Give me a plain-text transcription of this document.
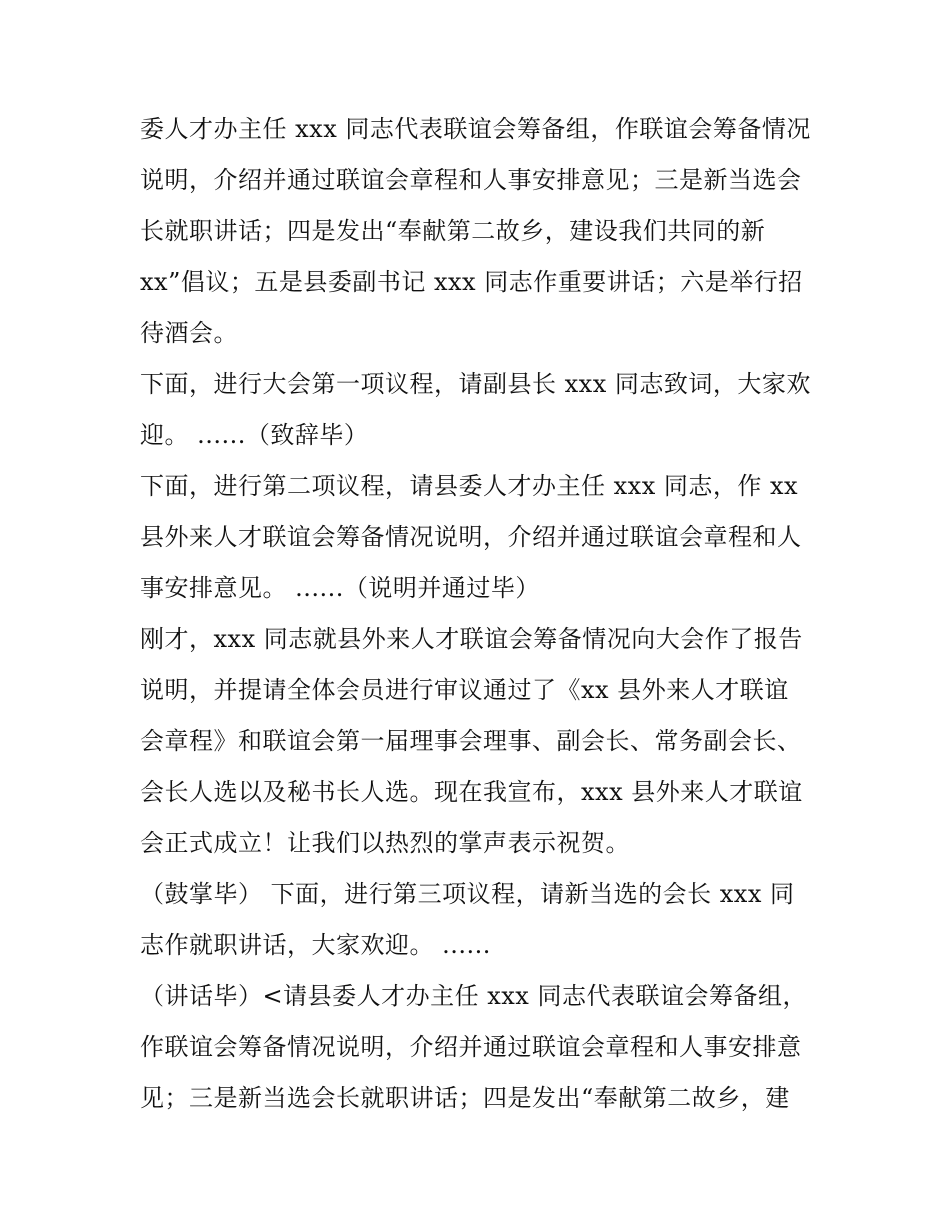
委人才办主任 xxx 同志代表联谊会筹备组，作联谊会筹备情况
说明，介绍并通过联谊会章程和人事安排意见；三是新当选会
长就职讲话；四是发出“奉献第二故乡，建设我们共同的新
xx”倡议；五是县委副书记 xxx 同志作重要讲话；六是举行招
待酒会。
下面，进行大会第一项议程，请副县长 xxx 同志致词，大家欢
迎。 ......（致辞毕）
下面，进行第二项议程，请县委人才办主任 xxx 同志，作 xx
县外来人才联谊会筹备情况说明，介绍并通过联谊会章程和人
事安排意见。 ......（说明并通过毕）
刚才，xxx 同志就县外来人才联谊会筹备情况向大会作了报告
说明，并提请全体会员进行审议通过了《xx 县外来人才联谊
会章程》和联谊会第一届理事会理事、副会长、常务副会长、
会长人选以及秘书长人选。现在我宣布，xxx 县外来人才联谊
会正式成立！让我们以热烈的掌声表示祝贺。
（鼓掌毕） 下面，进行第三项议程，请新当选的会长 xxx 同
志作就职讲话，大家欢迎。 ......
（讲话毕）<请县委人才办主任 xxx 同志代表联谊会筹备组，
作联谊会筹备情况说明，介绍并通过联谊会章程和人事安排意
见；三是新当选会长就职讲话；四是发出“奉献第二故乡，建
